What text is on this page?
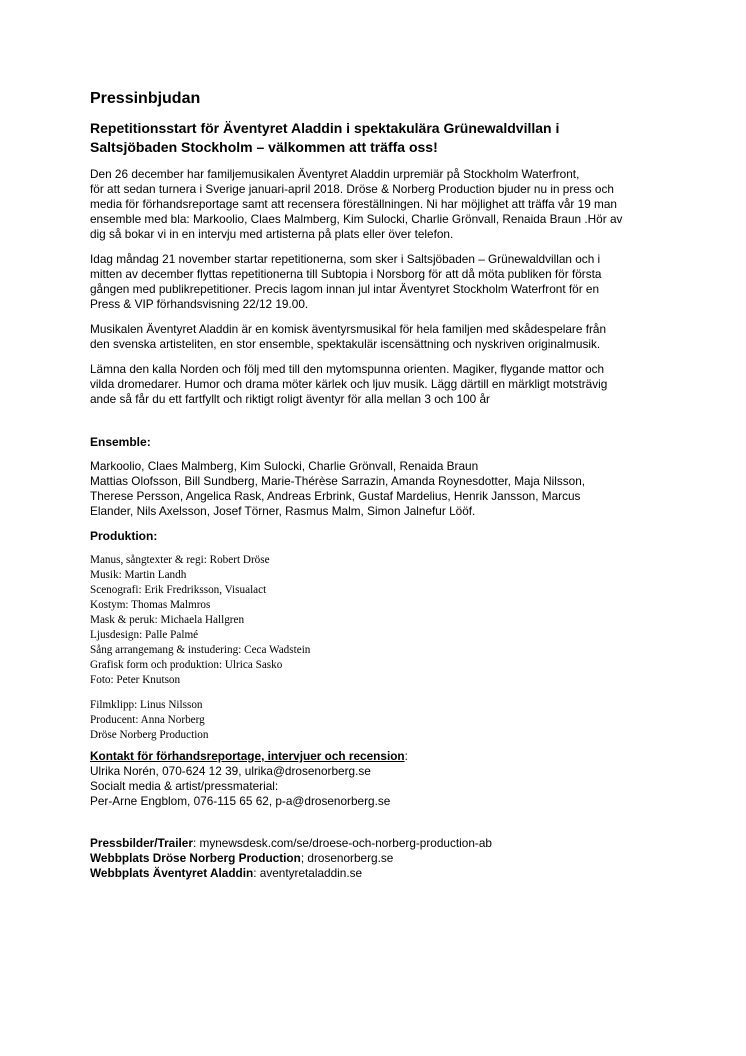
Pressinbjudan
Repetitionsstart för Äventyret Aladdin i spektakulära Grünewaldvillan i
Saltsjöbaden Stockholm – välkommen att träffa oss!
Den 26 december har familjemusikalen Äventyret Aladdin urpremiär på Stockholm Waterfront,
för att sedan turnera i Sverige januari-april 2018. Dröse & Norberg Production bjuder nu in press och
media för förhandsreportage samt att recensera föreställningen. Ni har möjlighet att träffa vår 19 man
ensemble med bla: Markoolio, Claes Malmberg, Kim Sulocki, Charlie Grönvall, Renaida Braun .Hör av
dig så bokar vi in en intervju med artisterna på plats eller över telefon.
Idag måndag 21 november startar repetitionerna, som sker i Saltsjöbaden – Grünewaldvillan och i
mitten av december flyttas repetitionerna till Subtopia i Norsborg för att då möta publiken för första
gången med publikrepetitioner. Precis lagom innan jul intar Äventyret Stockholm Waterfront för en
Press & VIP förhandsvisning 22/12 19.00.
Musikalen Äventyret Aladdin är en komisk äventyrsmusikal för hela familjen med skådespelare från
den svenska artisteliten, en stor ensemble, spektakulär iscensättning och nyskriven originalmusik.
Lämna den kalla Norden och följ med till den mytomspunna orienten. Magiker, flygande mattor och
vilda dromedarer. Humor och drama möter kärlek och ljuv musik. Lägg därtill en märkligt motsträvig
ande så får du ett fartfyllt och riktigt roligt äventyr för alla mellan 3 och 100 år
Ensemble:
Markoolio, Claes Malmberg, Kim Sulocki, Charlie Grönvall, Renaida Braun
Mattias Olofsson, Bill Sundberg, Marie-Thérèse Sarrazin, Amanda Roynesdotter, Maja Nilsson,
Therese Persson, Angelica Rask, Andreas Erbrink, Gustaf Mardelius, Henrik Jansson, Marcus
Elander, Nils Axelsson, Josef Törner, Rasmus Malm, Simon Jalnefur Lööf.
Produktion:
Manus, sångtexter & regi: Robert Dröse
Musik: Martin Landh
Scenografi: Erik Fredriksson, Visualact
Kostym: Thomas Malmros
Mask & peruk: Michaela Hallgren
Ljusdesign: Palle Palmé
Sång arrangemang & instudering: Ceca Wadstein
Grafisk form och produktion: Ulrica Sasko
Foto: Peter Knutson
Filmklipp: Linus Nilsson
Producent: Anna Norberg
Dröse Norberg Production
Kontakt för förhandsreportage, intervjuer och recension:
Ulrika Norén, 070-624 12 39, ulrika@drosenorberg.se
Socialt media & artist/pressmaterial:
Per-Arne Engblom, 076-115 65 62, p-a@drosenorberg.se
Pressbilder/Trailer: mynewsdesk.com/se/droese-och-norberg-production-ab
Webbplats Dröse Norberg Production; drosenorberg.se
Webbplats Äventyret Aladdin: aventyretaladdin.se
